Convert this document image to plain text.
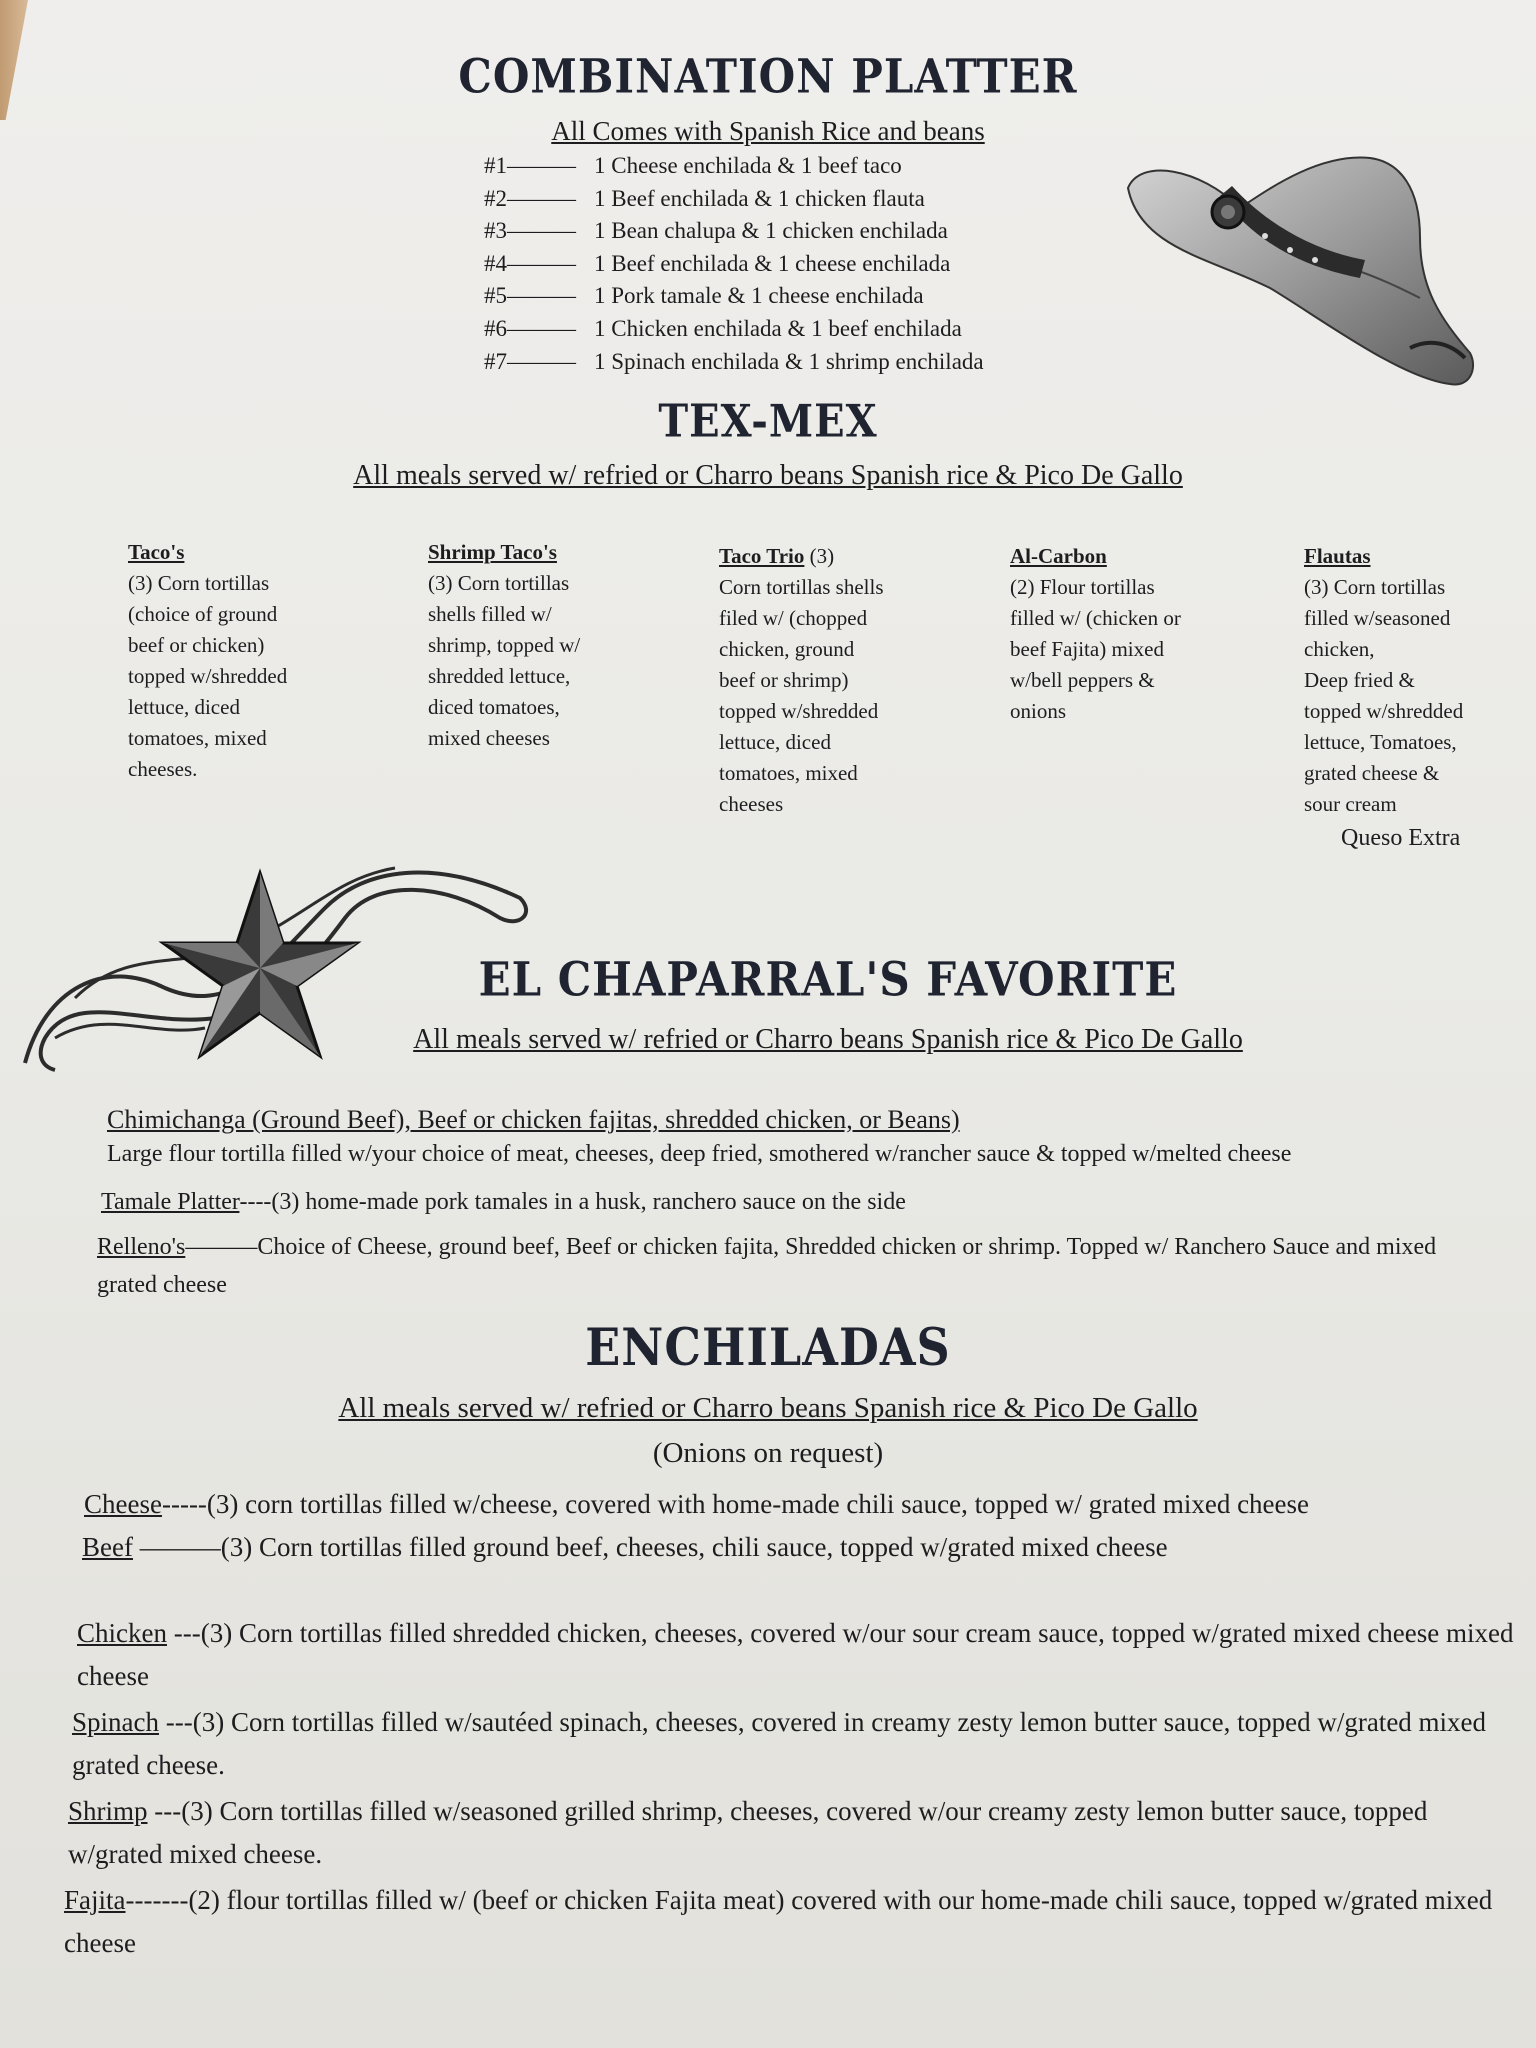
COMBINATION PLATTER
All Comes with Spanish Rice and beans
#1——— 1 Cheese enchilada & 1 beef taco
#2——— 1 Beef enchilada & 1 chicken flauta
#3——— 1 Bean chalupa & 1 chicken enchilada
#4——— 1 Beef enchilada & 1 cheese enchilada
#5——— 1 Pork tamale & 1 cheese enchilada
#6——— 1 Chicken enchilada & 1 beef enchilada
#7——— 1 Spinach enchilada & 1 shrimp enchilada
TEX-MEX
All meals served w/ refried or Charro beans Spanish rice & Pico De Gallo
Taco's
(3) Corn tortillas
(choice of ground
beef or chicken)
topped w/shredded
lettuce, diced
tomatoes, mixed
cheeses.
Shrimp Taco's
(3) Corn tortillas
shells filled w/
shrimp, topped w/
shredded lettuce,
diced tomatoes,
mixed cheeses
Taco Trio (3)
Corn tortillas shells
filed w/ (chopped
chicken, ground
beef or shrimp)
topped w/shredded
lettuce, diced
tomatoes, mixed
cheeses
Al-Carbon
(2) Flour tortillas
filled w/ (chicken or
beef Fajita) mixed
w/bell peppers &
onions
Flautas
(3) Corn tortillas
filled w/seasoned
chicken,
Deep fried &
topped w/shredded
lettuce, Tomatoes,
grated cheese &
sour cream
Queso Extra
EL CHAPARRAL'S FAVORITE
All meals served w/ refried or Charro beans Spanish rice & Pico De Gallo
Chimichanga (Ground Beef), Beef or chicken fajitas, shredded chicken, or Beans)
Large flour tortilla filled w/your choice of meat, cheeses, deep fried, smothered w/rancher sauce & topped w/melted cheese
Tamale Platter----(3) home-made pork tamales in a husk, ranchero sauce on the side
Relleno's———Choice of Cheese, ground beef, Beef or chicken fajita, Shredded chicken or shrimp. Topped w/ Ranchero Sauce and mixed grated cheese
ENCHILADAS
All meals served w/ refried or Charro beans Spanish rice & Pico De Gallo
(Onions on request)
Cheese-----(3) corn tortillas filled w/cheese, covered with home-made chili sauce, topped w/ grated mixed cheese
Beef ———(3) Corn tortillas filled ground beef, cheeses, chili sauce, topped w/grated mixed cheese
Chicken ---(3) Corn tortillas filled shredded chicken, cheeses, covered w/our sour cream sauce, topped w/grated mixed cheese mixed cheese
Spinach ---(3) Corn tortillas filled w/sautéed spinach, cheeses, covered in creamy zesty lemon butter sauce, topped w/grated mixed grated cheese.
Shrimp ---(3) Corn tortillas filled w/seasoned grilled shrimp, cheeses, covered w/our creamy zesty lemon butter sauce, topped w/grated mixed cheese.
Fajita-------(2) flour tortillas filled w/ (beef or chicken Fajita meat) covered with our home-made chili sauce, topped w/grated mixed cheese
